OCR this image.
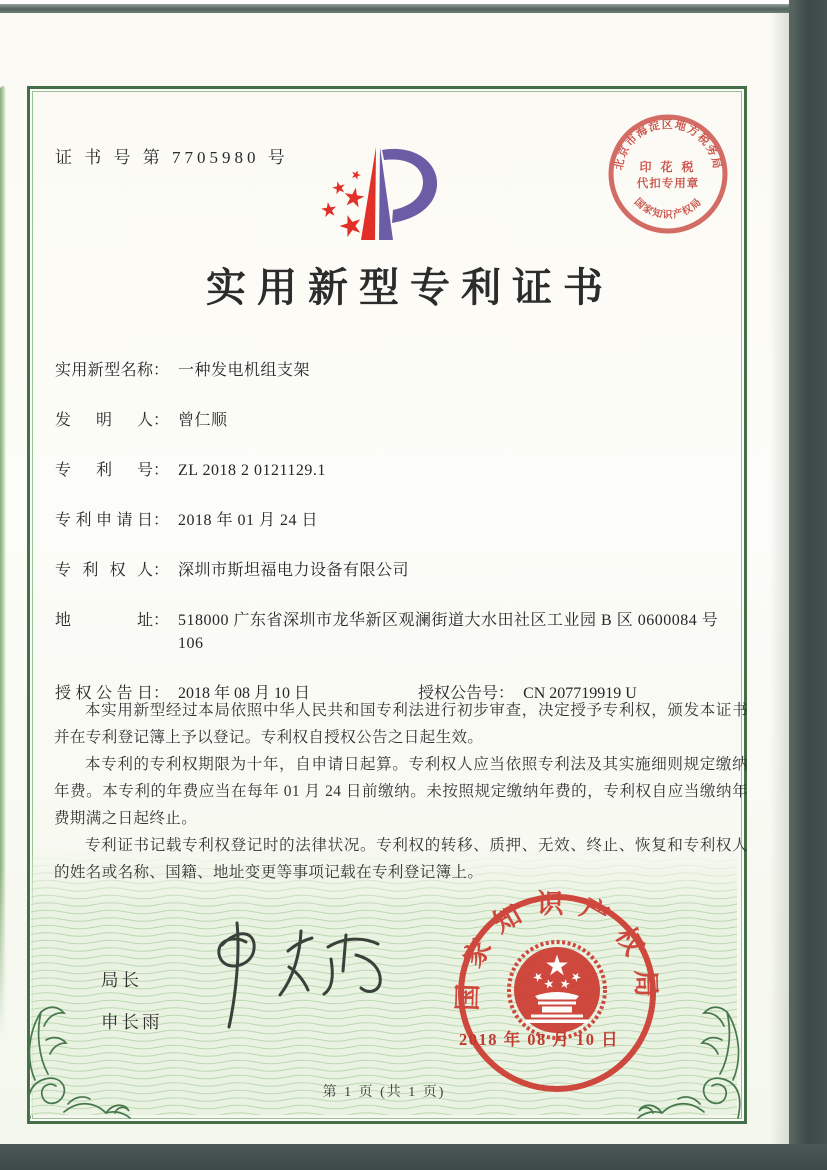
证 书 号 第 7705980 号
实用新型专利证书
北京市海淀区地方税务局
国家知识产权局
印 花 税
代扣专用章
实用新型名称 ： 一种发电机组支架
发明人 ： 曾仁顺
专利号 ： ZL 2018 2 0121129.1
专利申请日 ： 2018 年 01 月 24 日
专利权人 ： 深圳市斯坦福电力设备有限公司
地址 ： 518000 广东省深圳市龙华新区观澜街道大水田社区工业园 B 区 0600084 号 106
授权公告日 ： 2018 年 08 月 10 日	授权公告号 ： CN 207719919 U

本实用新型经过本局依照中华人民共和国专利法进行初步审查，决定授予专利权，颁发本证书并在专利登记簿上予以登记。专利权自授权公告之日起生效。

本专利的专利权期限为十年，自申请日起算。专利权人应当依照专利法及其实施细则规定缴纳年费。本专利的年费应当在每年 01 月 24 日前缴纳。未按照规定缴纳年费的，专利权自应当缴纳年费期满之日起终止。

专利证书记载专利权登记时的法律状况。专利权的转移、质押、无效、终止、恢复和专利权人的姓名或名称、国籍、地址变更等事项记载在专利登记簿上。

局长
申长雨
国家知识产权局
2018 年 08 月 10 日
第 1 页 (共 1 页)
